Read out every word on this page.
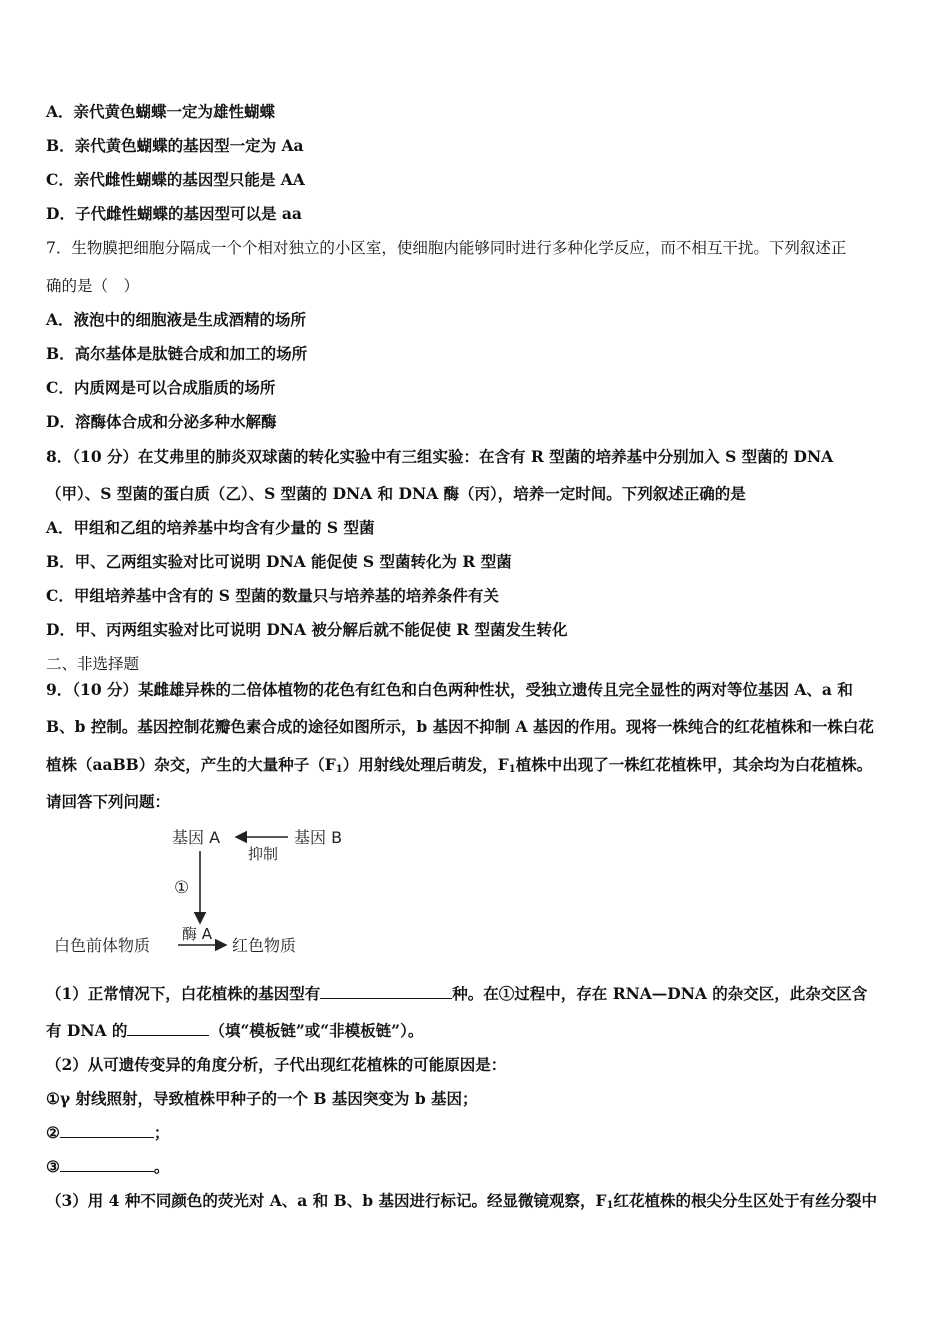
A．亲代黄色蝴蝶一定为雄性蝴蝶
B．亲代黄色蝴蝶的基因型一定为 Aa
C．亲代雌性蝴蝶的基因型只能是 AA
D．子代雌性蝴蝶的基因型可以是 aa
7．生物膜把细胞分隔成一个个相对独立的小区室，使细胞内能够同时进行多种化学反应，而不相互干扰。下列叙述正
确的是（　）
A．液泡中的细胞液是生成酒精的场所
B．高尔基体是肽链合成和加工的场所
C．内质网是可以合成脂质的场所
D．溶酶体合成和分泌多种水解酶
8．（10 分）在艾弗里的肺炎双球菌的转化实验中有三组实验：在含有 R 型菌的培养基中分别加入 S 型菌的 DNA
（甲）、S 型菌的蛋白质（乙）、S 型菌的 DNA 和 DNA 酶（丙），培养一定时间。下列叙述正确的是
A．甲组和乙组的培养基中均含有少量的 S 型菌
B．甲、乙两组实验对比可说明 DNA 能促使 S 型菌转化为 R 型菌
C．甲组培养基中含有的 S 型菌的数量只与培养基的培养条件有关
D．甲、丙两组实验对比可说明 DNA 被分解后就不能促使 R 型菌发生转化
二、非选择题
9．（10 分）某雌雄异株的二倍体植物的花色有红色和白色两种性状，受独立遗传且完全显性的两对等位基因 A、a 和
B、b 控制。基因控制花瓣色素合成的途径如图所示，b 基因不抑制 A 基因的作用。现将一株纯合的红花植株和一株白花
植株（aaBB）杂交，产生的大量种子$(F_1)$用射线处理后萌发，$F_1$植株中出现了一株红花植株甲，其余均为白花植株。
请回答下列问题：
基因 A	基因 B
抑制
①
酶 A
白色前体物质	红色物质
（1）正常情况下，白花植株的基因型有	种。在①过程中，存在 RNA—DNA 的杂交区，此杂交区含
有 DNA 的	（填“模板链”或“非模板链”）。
（2）从可遗传变异的角度分析，子代出现红花植株的可能原因是：
①γ 射线照射，导致植株甲种子的一个 B 基因突变为 b 基因；
②	；
③	。
（3）用 4 种不同颜色的荧光对 A、a 和 B、b 基因进行标记。经显微镜观察，$F_1$红花植株的根尖分生区处于有丝分裂中
